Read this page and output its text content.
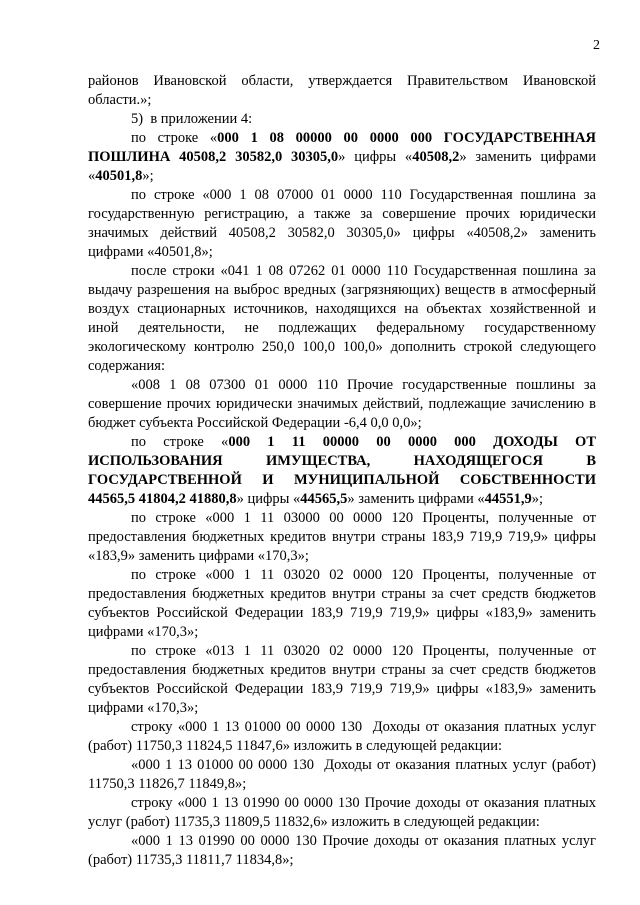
2

районов Ивановской области, утверждается Правительством Ивановской области.»;

5)  в приложении 4:

по строке «000 1 08 00000 00 0000 000 ГОСУДАРСТВЕННАЯ ПОШЛИНА 40508,2 30582,0 30305,0» цифры «40508,2» заменить цифрами «40501,8»;

по строке «000 1 08 07000 01 0000 110 Государственная пошлина за государственную регистрацию, а также за совершение прочих юридически значимых действий 40508,2 30582,0 30305,0» цифры «40508,2» заменить цифрами «40501,8»;

после строки «041 1 08 07262 01 0000 110 Государственная пошлина за выдачу разрешения на выброс вредных (загрязняющих) веществ в атмосферный воздух стационарных источников, находящихся на объектах хозяйственной и иной деятельности, не подлежащих федеральному государственному экологическому контролю 250,0 100,0 100,0» дополнить строкой следующего содержания:

«008 1 08 07300 01 0000 110 Прочие государственные пошлины за совершение прочих юридически значимых действий, подлежащие зачислению в бюджет субъекта Российской Федерации -6,4 0,0 0,0»;

по строке «000 1 11 00000 00 0000 000 ДОХОДЫ ОТ ИСПОЛЬЗОВАНИЯ ИМУЩЕСТВА, НАХОДЯЩЕГОСЯ В ГОСУДАРСТВЕННОЙ И МУНИЦИПАЛЬНОЙ СОБСТВЕННОСТИ 44565,5 41804,2 41880,8» цифры «44565,5» заменить цифрами «44551,9»;

по строке «000 1 11 03000 00 0000 120 Проценты, полученные от предоставления бюджетных кредитов внутри страны 183,9 719,9 719,9» цифры «183,9» заменить цифрами «170,3»;

по строке «000 1 11 03020 02 0000 120 Проценты, полученные от предоставления бюджетных кредитов внутри страны за счет средств бюджетов субъектов Российской Федерации 183,9 719,9 719,9» цифры «183,9» заменить цифрами «170,3»;

по строке «013 1 11 03020 02 0000 120 Проценты, полученные от предоставления бюджетных кредитов внутри страны за счет средств бюджетов субъектов Российской Федерации 183,9 719,9 719,9» цифры «183,9» заменить цифрами «170,3»;

строку «000 1 13 01000 00 0000 130  Доходы от оказания платных услуг (работ) 11750,3 11824,5 11847,6» изложить в следующей редакции:

«000 1 13 01000 00 0000 130  Доходы от оказания платных услуг (работ) 11750,3 11826,7 11849,8»;

строку «000 1 13 01990 00 0000 130 Прочие доходы от оказания платных услуг (работ) 11735,3 11809,5 11832,6» изложить в следующей редакции:

«000 1 13 01990 00 0000 130 Прочие доходы от оказания платных услуг (работ) 11735,3 11811,7 11834,8»;
